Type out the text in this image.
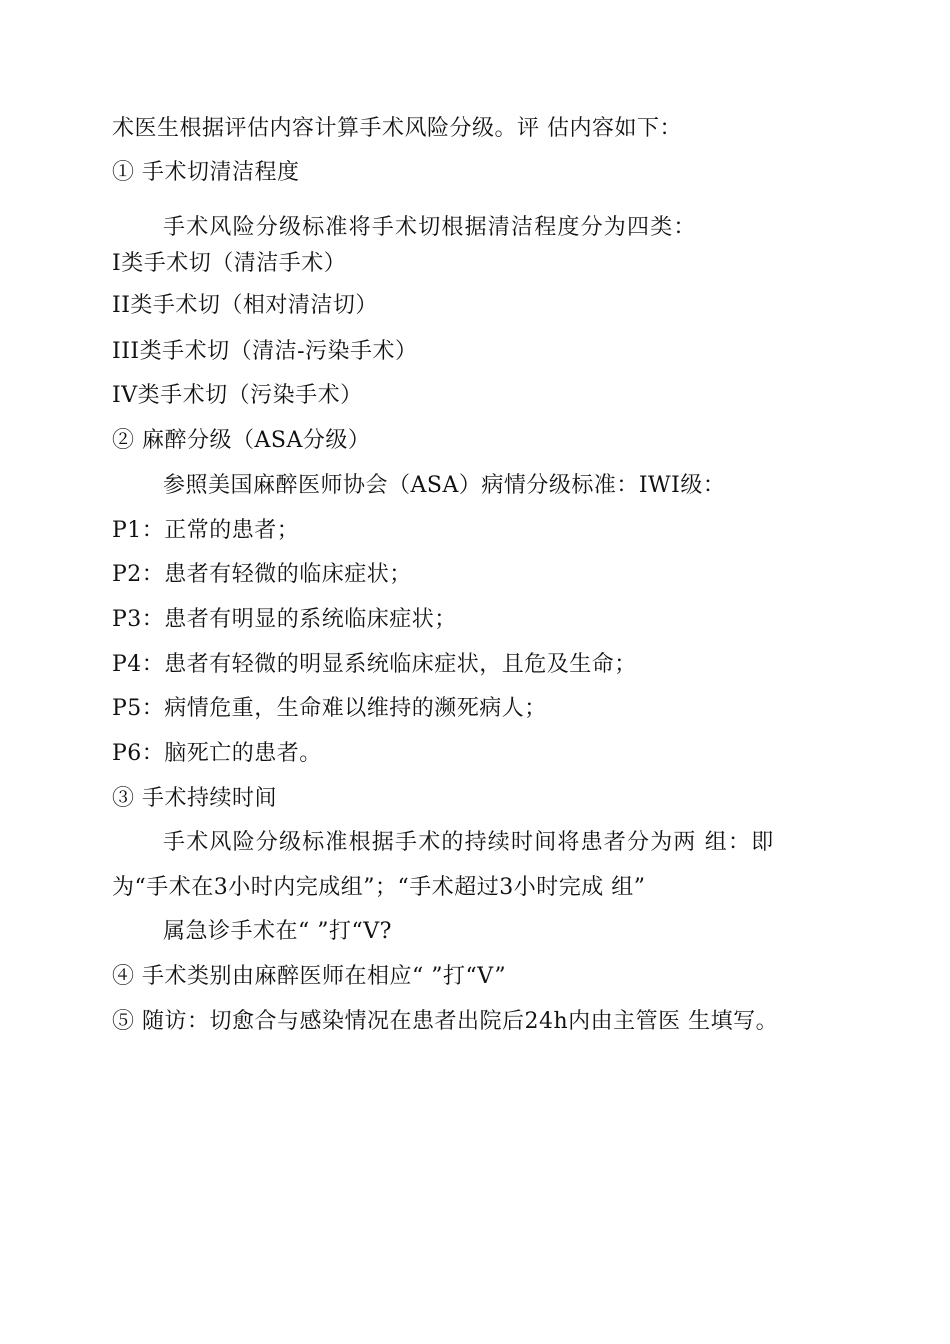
术医生根据评估内容计算手术风险分级。评 估内容如下：
① 手术切清洁程度
手术风险分级标准将手术切根据清洁程度分为四类：
I类手术切（清洁手术）
II类手术切（相对清洁切）
III类手术切（清洁-污染手术）
IV类手术切（污染手术）
② 麻醉分级（ASA分级）
参照美国麻醉医师协会（ASA）病情分级标准：IWI级：
P1：正常的患者；
P2：患者有轻微的临床症状；
P3：患者有明显的系统临床症状；
P4：患者有轻微的明显系统临床症状，且危及生命；
P5：病情危重，生命难以维持的濒死病人；
P6：脑死亡的患者。
③ 手术持续时间
手术风险分级标准根据手术的持续时间将患者分为两 组：即
为“手术在3小时内完成组”；“手术超过3小时完成 组”
属急诊手术在“ ”打“V?
④ 手术类别由麻醉医师在相应“ ”打“V”
⑤ 随访：切愈合与感染情况在患者出院后24h内由主管医 生填写。
